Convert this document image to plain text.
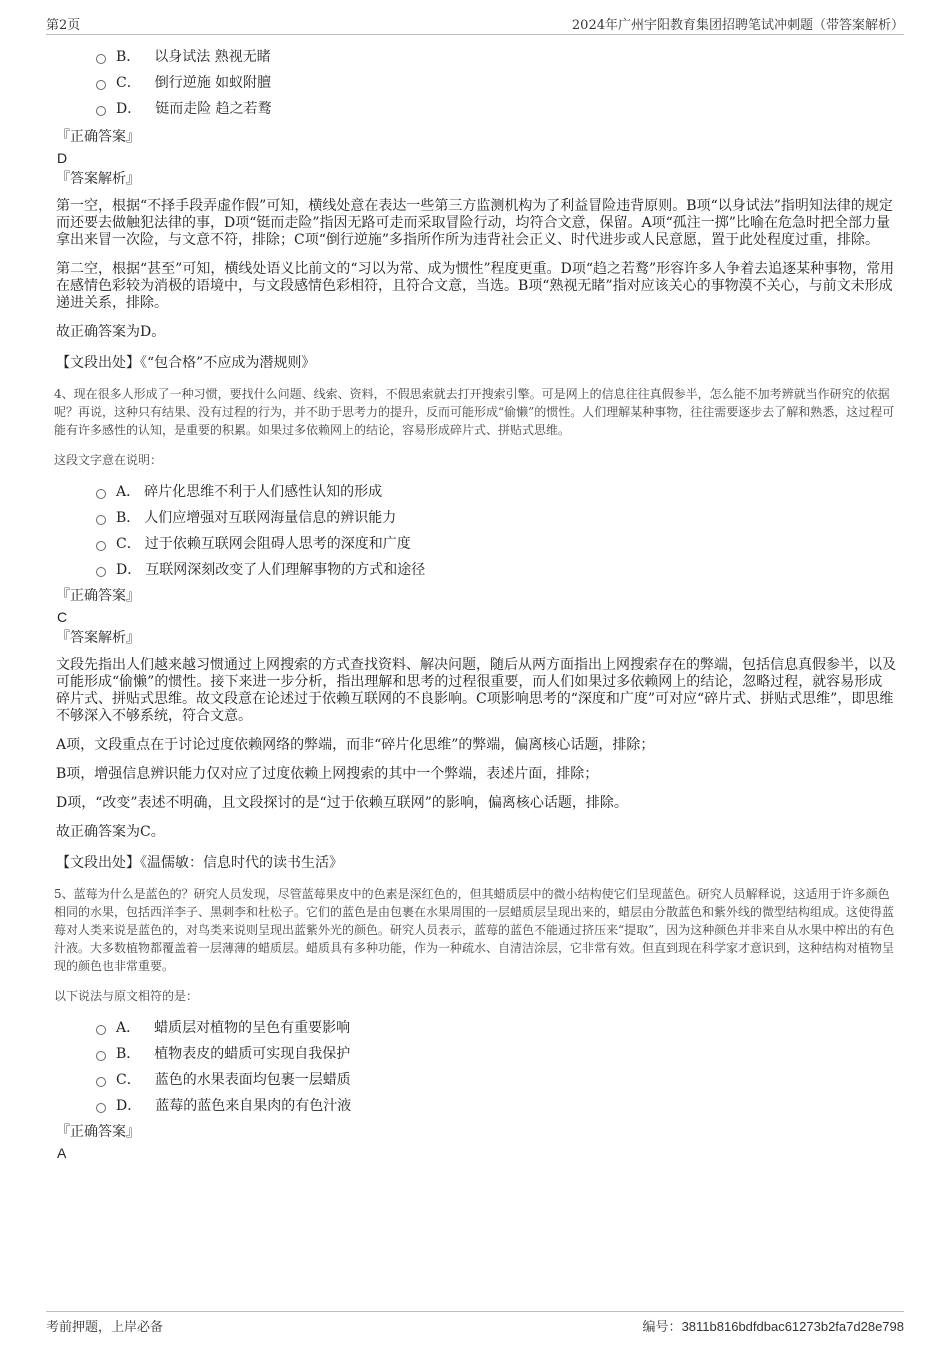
第2页	2024年广州宇阳教育集团招聘笔试冲刺题（带答案解析）
B． 以身试法 熟视无睹
C． 倒行逆施 如蚁附膻
D． 铤而走险 趋之若鹜

『正确答案』

D

『答案解析』

第一空，根据“不择手段弄虚作假”可知，横线处意在表达一些第三方监测机构为了利益冒险违背原则。B项“以身试法”指明知法律的规定而还要去做触犯法律的事，D项“铤而走险”指因无路可走而采取冒险行动，均符合文意，保留。A项“孤注一掷”比喻在危急时把全部力量拿出来冒一次险，与文意不符，排除；C项“倒行逆施”多指所作所为违背社会正义、时代进步或人民意愿，置于此处程度过重，排除。

第二空，根据“甚至”可知，横线处语义比前文的“习以为常、成为惯性”程度更重。D项“趋之若鹜”形容许多人争着去追逐某种事物，常用在感情色彩较为消极的语境中，与文段感情色彩相符，且符合文意，当选。B项“熟视无睹”指对应该关心的事物漠不关心，与前文未形成递进关系，排除。

故正确答案为D。

【文段出处】《“包合格”不应成为潜规则》

4、现在很多人形成了一种习惯，要找什么问题、线索、资料，不假思索就去打开搜索引擎。可是网上的信息往往真假参半，怎么能不加考辨就当作研究的依据呢？再说，这种只有结果、没有过程的行为，并不助于思考力的提升，反而可能形成“偷懒”的惯性。人们理解某种事物，往往需要逐步去了解和熟悉，这过程可能有许多感性的认知，是重要的积累。如果过多依赖网上的结论，容易形成碎片式、拼贴式思维。

这段文字意在说明：

A． 碎片化思维不利于人们感性认知的形成
B． 人们应增强对互联网海量信息的辨识能力
C． 过于依赖互联网会阻碍人思考的深度和广度
D． 互联网深刻改变了人们理解事物的方式和途径

『正确答案』

C

『答案解析』

文段先指出人们越来越习惯通过上网搜索的方式查找资料、解决问题，随后从两方面指出上网搜索存在的弊端，包括信息真假参半，以及可能形成“偷懒”的惯性。接下来进一步分析，指出理解和思考的过程很重要，而人们如果过多依赖网上的结论，忽略过程，就容易形成碎片式、拼贴式思维。故文段意在论述过于依赖互联网的不良影响。C项影响思考的“深度和广度”可对应“碎片式、拼贴式思维”，即思维不够深入不够系统，符合文意。

A项，文段重点在于讨论过度依赖网络的弊端，而非“碎片化思维”的弊端，偏离核心话题，排除；

B项，增强信息辨识能力仅对应了过度依赖上网搜索的其中一个弊端，表述片面，排除；

D项，“改变”表述不明确，且文段探讨的是“过于依赖互联网”的影响，偏离核心话题，排除。

故正确答案为C。

【文段出处】《温儒敏：信息时代的读书生活》

5、蓝莓为什么是蓝色的？研究人员发现，尽管蓝莓果皮中的色素是深红色的，但其蜡质层中的微小结构使它们呈现蓝色。研究人员解释说，这适用于许多颜色相同的水果，包括西洋李子、黑刺李和杜松子。它们的蓝色是由包裹在水果周围的一层蜡质层呈现出来的，蜡层由分散蓝色和紫外线的微型结构组成。这使得蓝莓对人类来说是蓝色的，对鸟类来说则呈现出蓝紫外光的颜色。研究人员表示，蓝莓的蓝色不能通过挤压来“提取”，因为这种颜色并非来自从水果中榨出的有色汁液。大多数植物都覆盖着一层薄薄的蜡质层。蜡质具有多种功能，作为一种疏水、自清洁涂层，它非常有效。但直到现在科学家才意识到，这种结构对植物呈现的颜色也非常重要。

以下说法与原文相符的是：

A． 蜡质层对植物的呈色有重要影响
B． 植物表皮的蜡质可实现自我保护
C． 蓝色的水果表面均包裹一层蜡质
D． 蓝莓的蓝色来自果肉的有色汁液

『正确答案』

A

考前押题，上岸必备	编号：3811b816bdfdbac61273b2fa7d28e798
